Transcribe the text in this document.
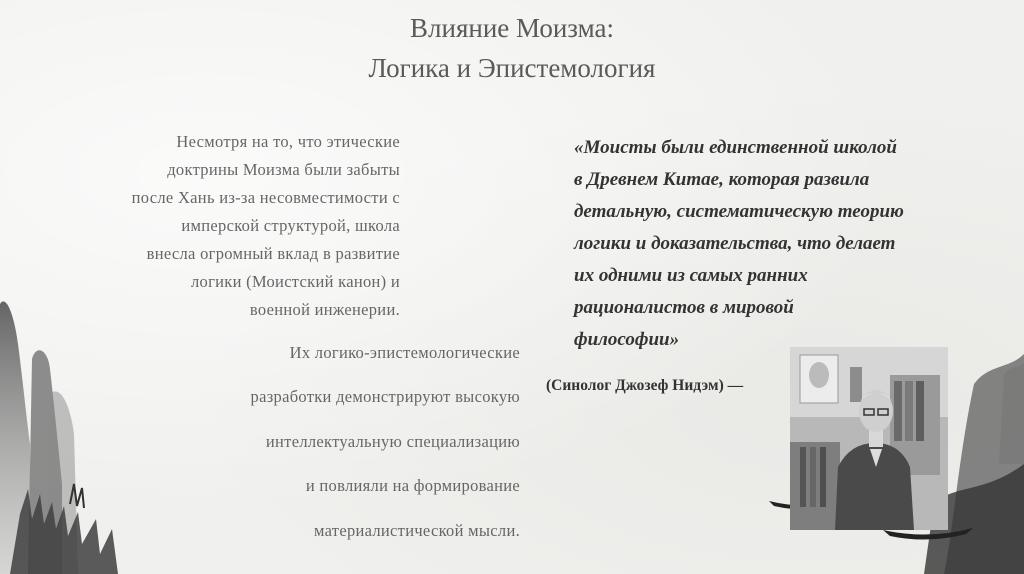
Влияние Моизма:
Логика и Эпистемология

Несмотря на то, что этические

доктрины Моизма были забыты

после Хань из-за несовместимости с

имперской структурой, школа

внесла огромный вклад в развитие

логики (Моистский канон) и

военной инженерии.

Их логико-эпистемологические

разработки демонстрируют высокую

интеллектуальную специализацию

и повлияли на формирование

материалистической мысли.

«Моисты были единственной школой
в Древнем Китае, которая развила
детальную, систематическую теорию
логики и доказательства, что делает
их одними из самых ранних
рационалистов в мировой
философии»
(Синолог Джозеф Нидэм) —
